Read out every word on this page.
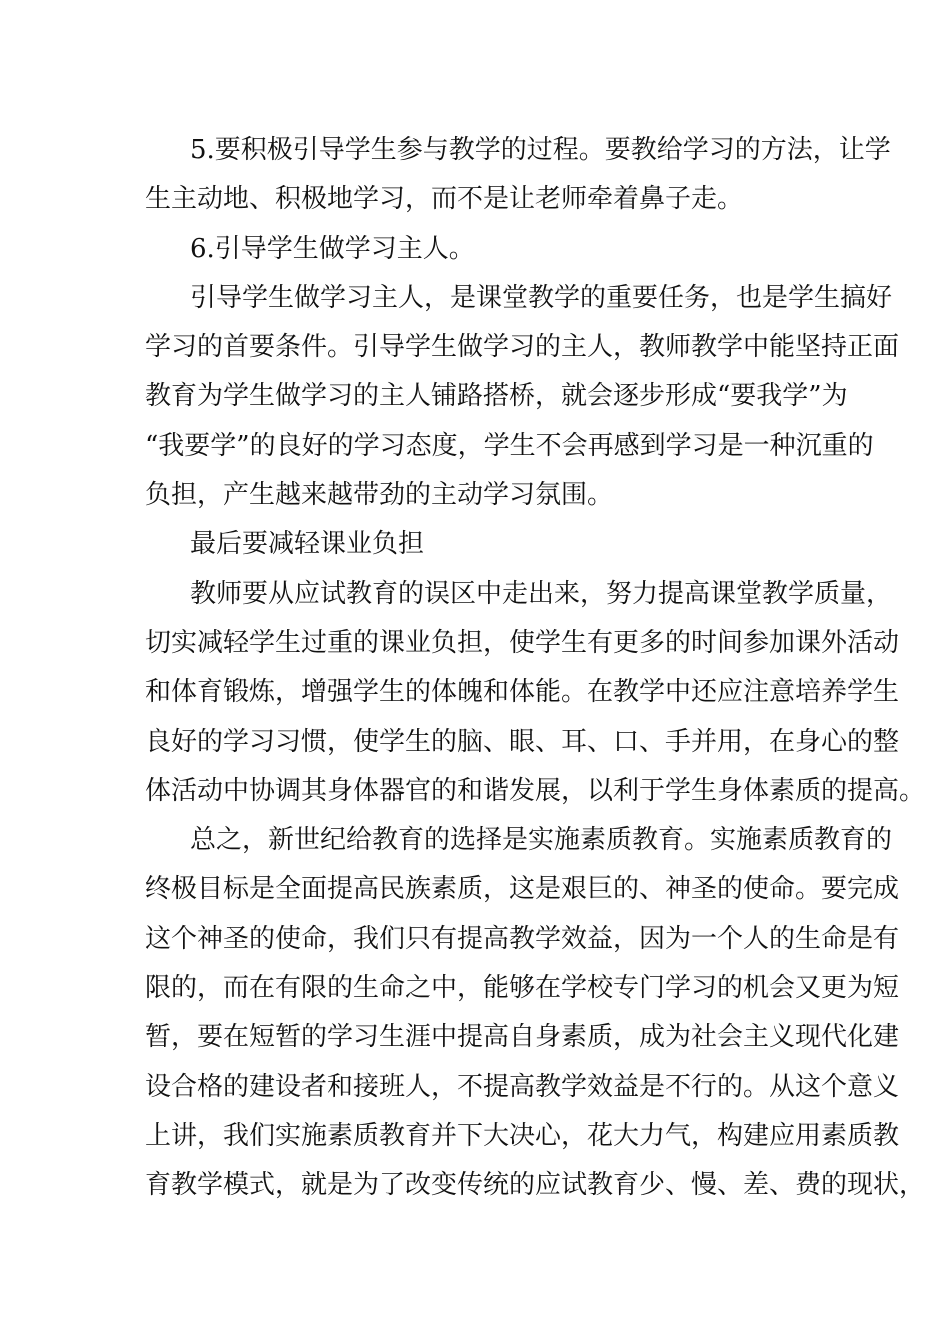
5.要积极引导学生参与教学的过程。要教给学习的方法，让学
生主动地、积极地学习，而不是让老师牵着鼻子走。
6.引导学生做学习主人。
引导学生做学习主人，是课堂教学的重要任务，也是学生搞好
学习的首要条件。引导学生做学习的主人，教师教学中能坚持正面
教育为学生做学习的主人铺路搭桥，就会逐步形成“要我学”为
“我要学”的良好的学习态度，学生不会再感到学习是一种沉重的
负担，产生越来越带劲的主动学习氛围。
最后要减轻课业负担
教师要从应试教育的误区中走出来，努力提高课堂教学质量，
切实减轻学生过重的课业负担，使学生有更多的时间参加课外活动
和体育锻炼，增强学生的体魄和体能。在教学中还应注意培养学生
良好的学习习惯，使学生的脑、眼、耳、口、手并用，在身心的整
体活动中协调其身体器官的和谐发展，以利于学生身体素质的提高。
总之，新世纪给教育的选择是实施素质教育。实施素质教育的
终极目标是全面提高民族素质，这是艰巨的、神圣的使命。要完成
这个神圣的使命，我们只有提高教学效益，因为一个人的生命是有
限的，而在有限的生命之中，能够在学校专门学习的机会又更为短
暂，要在短暂的学习生涯中提高自身素质，成为社会主义现代化建
设合格的建设者和接班人，不提高教学效益是不行的。从这个意义
上讲，我们实施素质教育并下大决心，花大力气，构建应用素质教
育教学模式，就是为了改变传统的应试教育少、慢、差、费的现状，
